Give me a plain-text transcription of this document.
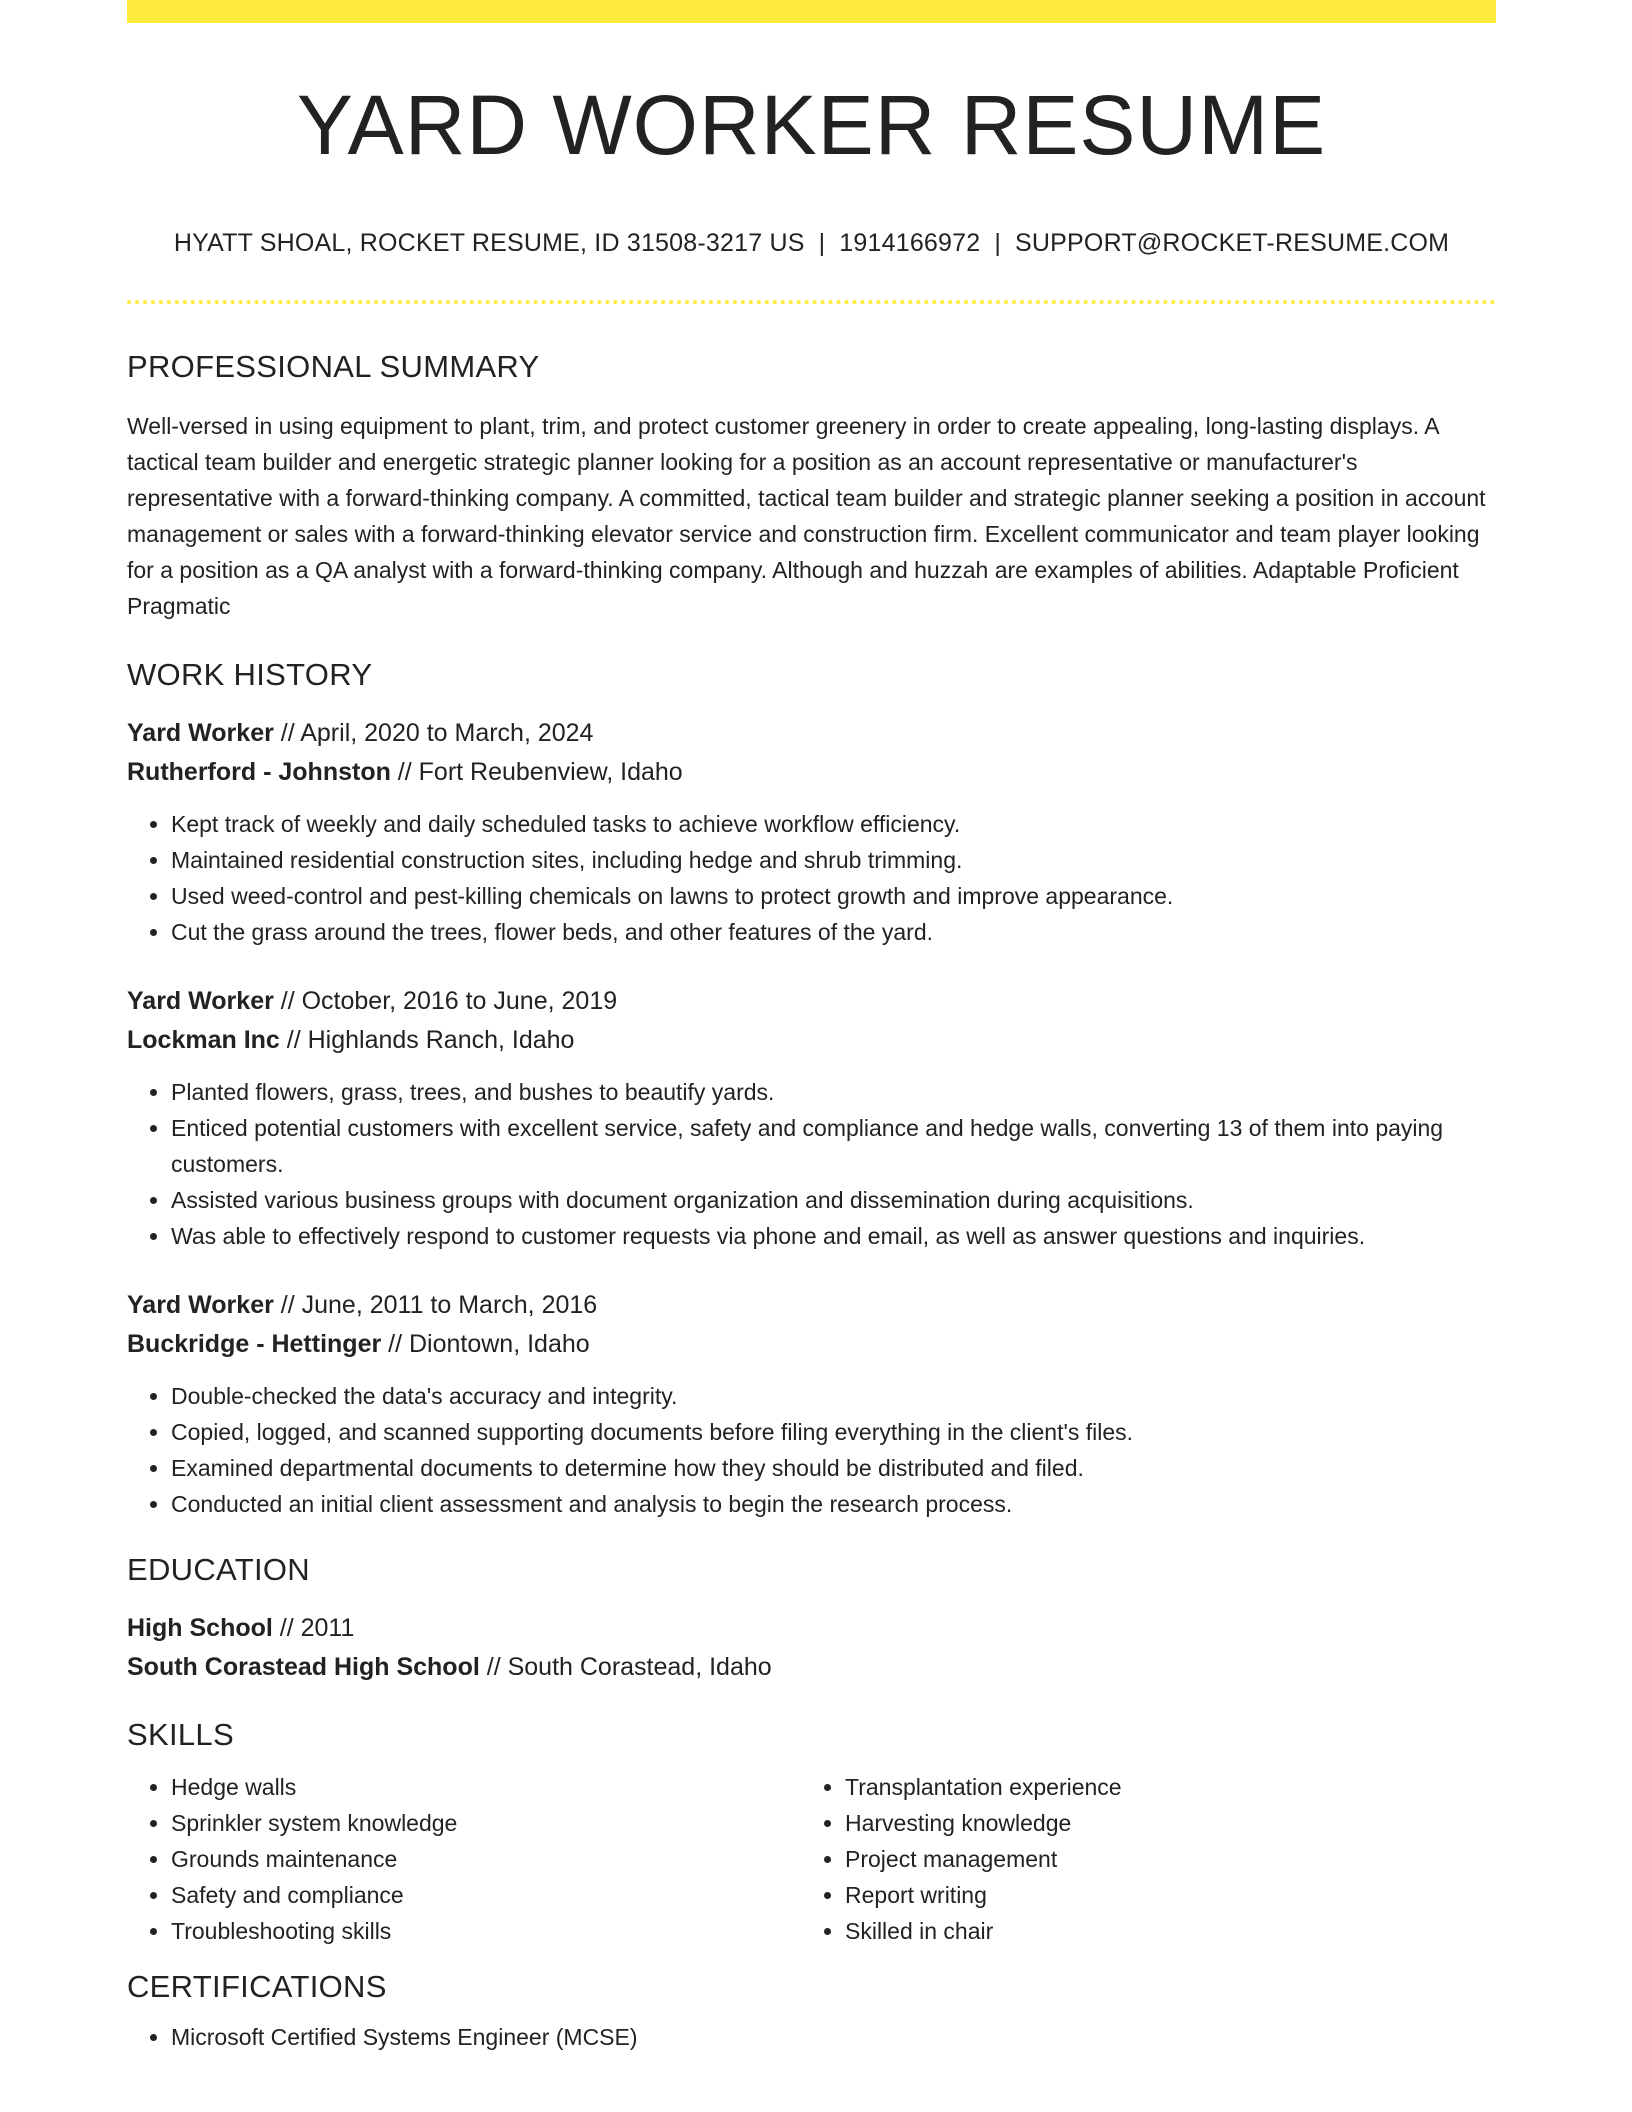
YARD WORKER RESUME
HYATT SHOAL, ROCKET RESUME, ID 31508-3217 US | 1914166972 | SUPPORT@ROCKET-RESUME.COM
PROFESSIONAL SUMMARY

Well-versed in using equipment to plant, trim, and protect customer greenery in order to create appealing, long-lasting displays. A tactical team builder and energetic strategic planner looking for a position as an account representative or manufacturer's representative with a forward-thinking company. A committed, tactical team builder and strategic planner seeking a position in account management or sales with a forward-thinking elevator service and construction firm. Excellent communicator and team player looking for a position as a QA analyst with a forward-thinking company. Although and huzzah are examples of abilities. Adaptable Proficient Pragmatic

WORK HISTORY
Yard Worker // April, 2020 to March, 2024
Rutherford - Johnston // Fort Reubenview, Idaho
• Kept track of weekly and daily scheduled tasks to achieve workflow efficiency.
• Maintained residential construction sites, including hedge and shrub trimming.
• Used weed-control and pest-killing chemicals on lawns to protect growth and improve appearance.
• Cut the grass around the trees, flower beds, and other features of the yard.
Yard Worker // October, 2016 to June, 2019
Lockman Inc // Highlands Ranch, Idaho
• Planted flowers, grass, trees, and bushes to beautify yards.
• Enticed potential customers with excellent service, safety and compliance and hedge walls, converting 13 of them into paying customers.
• Assisted various business groups with document organization and dissemination during acquisitions.
• Was able to effectively respond to customer requests via phone and email, as well as answer questions and inquiries.
Yard Worker // June, 2011 to March, 2016
Buckridge - Hettinger // Diontown, Idaho
• Double-checked the data's accuracy and integrity.
• Copied, logged, and scanned supporting documents before filing everything in the client's files.
• Examined departmental documents to determine how they should be distributed and filed.
• Conducted an initial client assessment and analysis to begin the research process.
EDUCATION
High School // 2011
South Corastead High School // South Corastead, Idaho
SKILLS
• Hedge walls
• Sprinkler system knowledge
• Grounds maintenance
• Safety and compliance
• Troubleshooting skills
• Transplantation experience
• Harvesting knowledge
• Project management
• Report writing
• Skilled in chair
CERTIFICATIONS
• Microsoft Certified Systems Engineer (MCSE)
